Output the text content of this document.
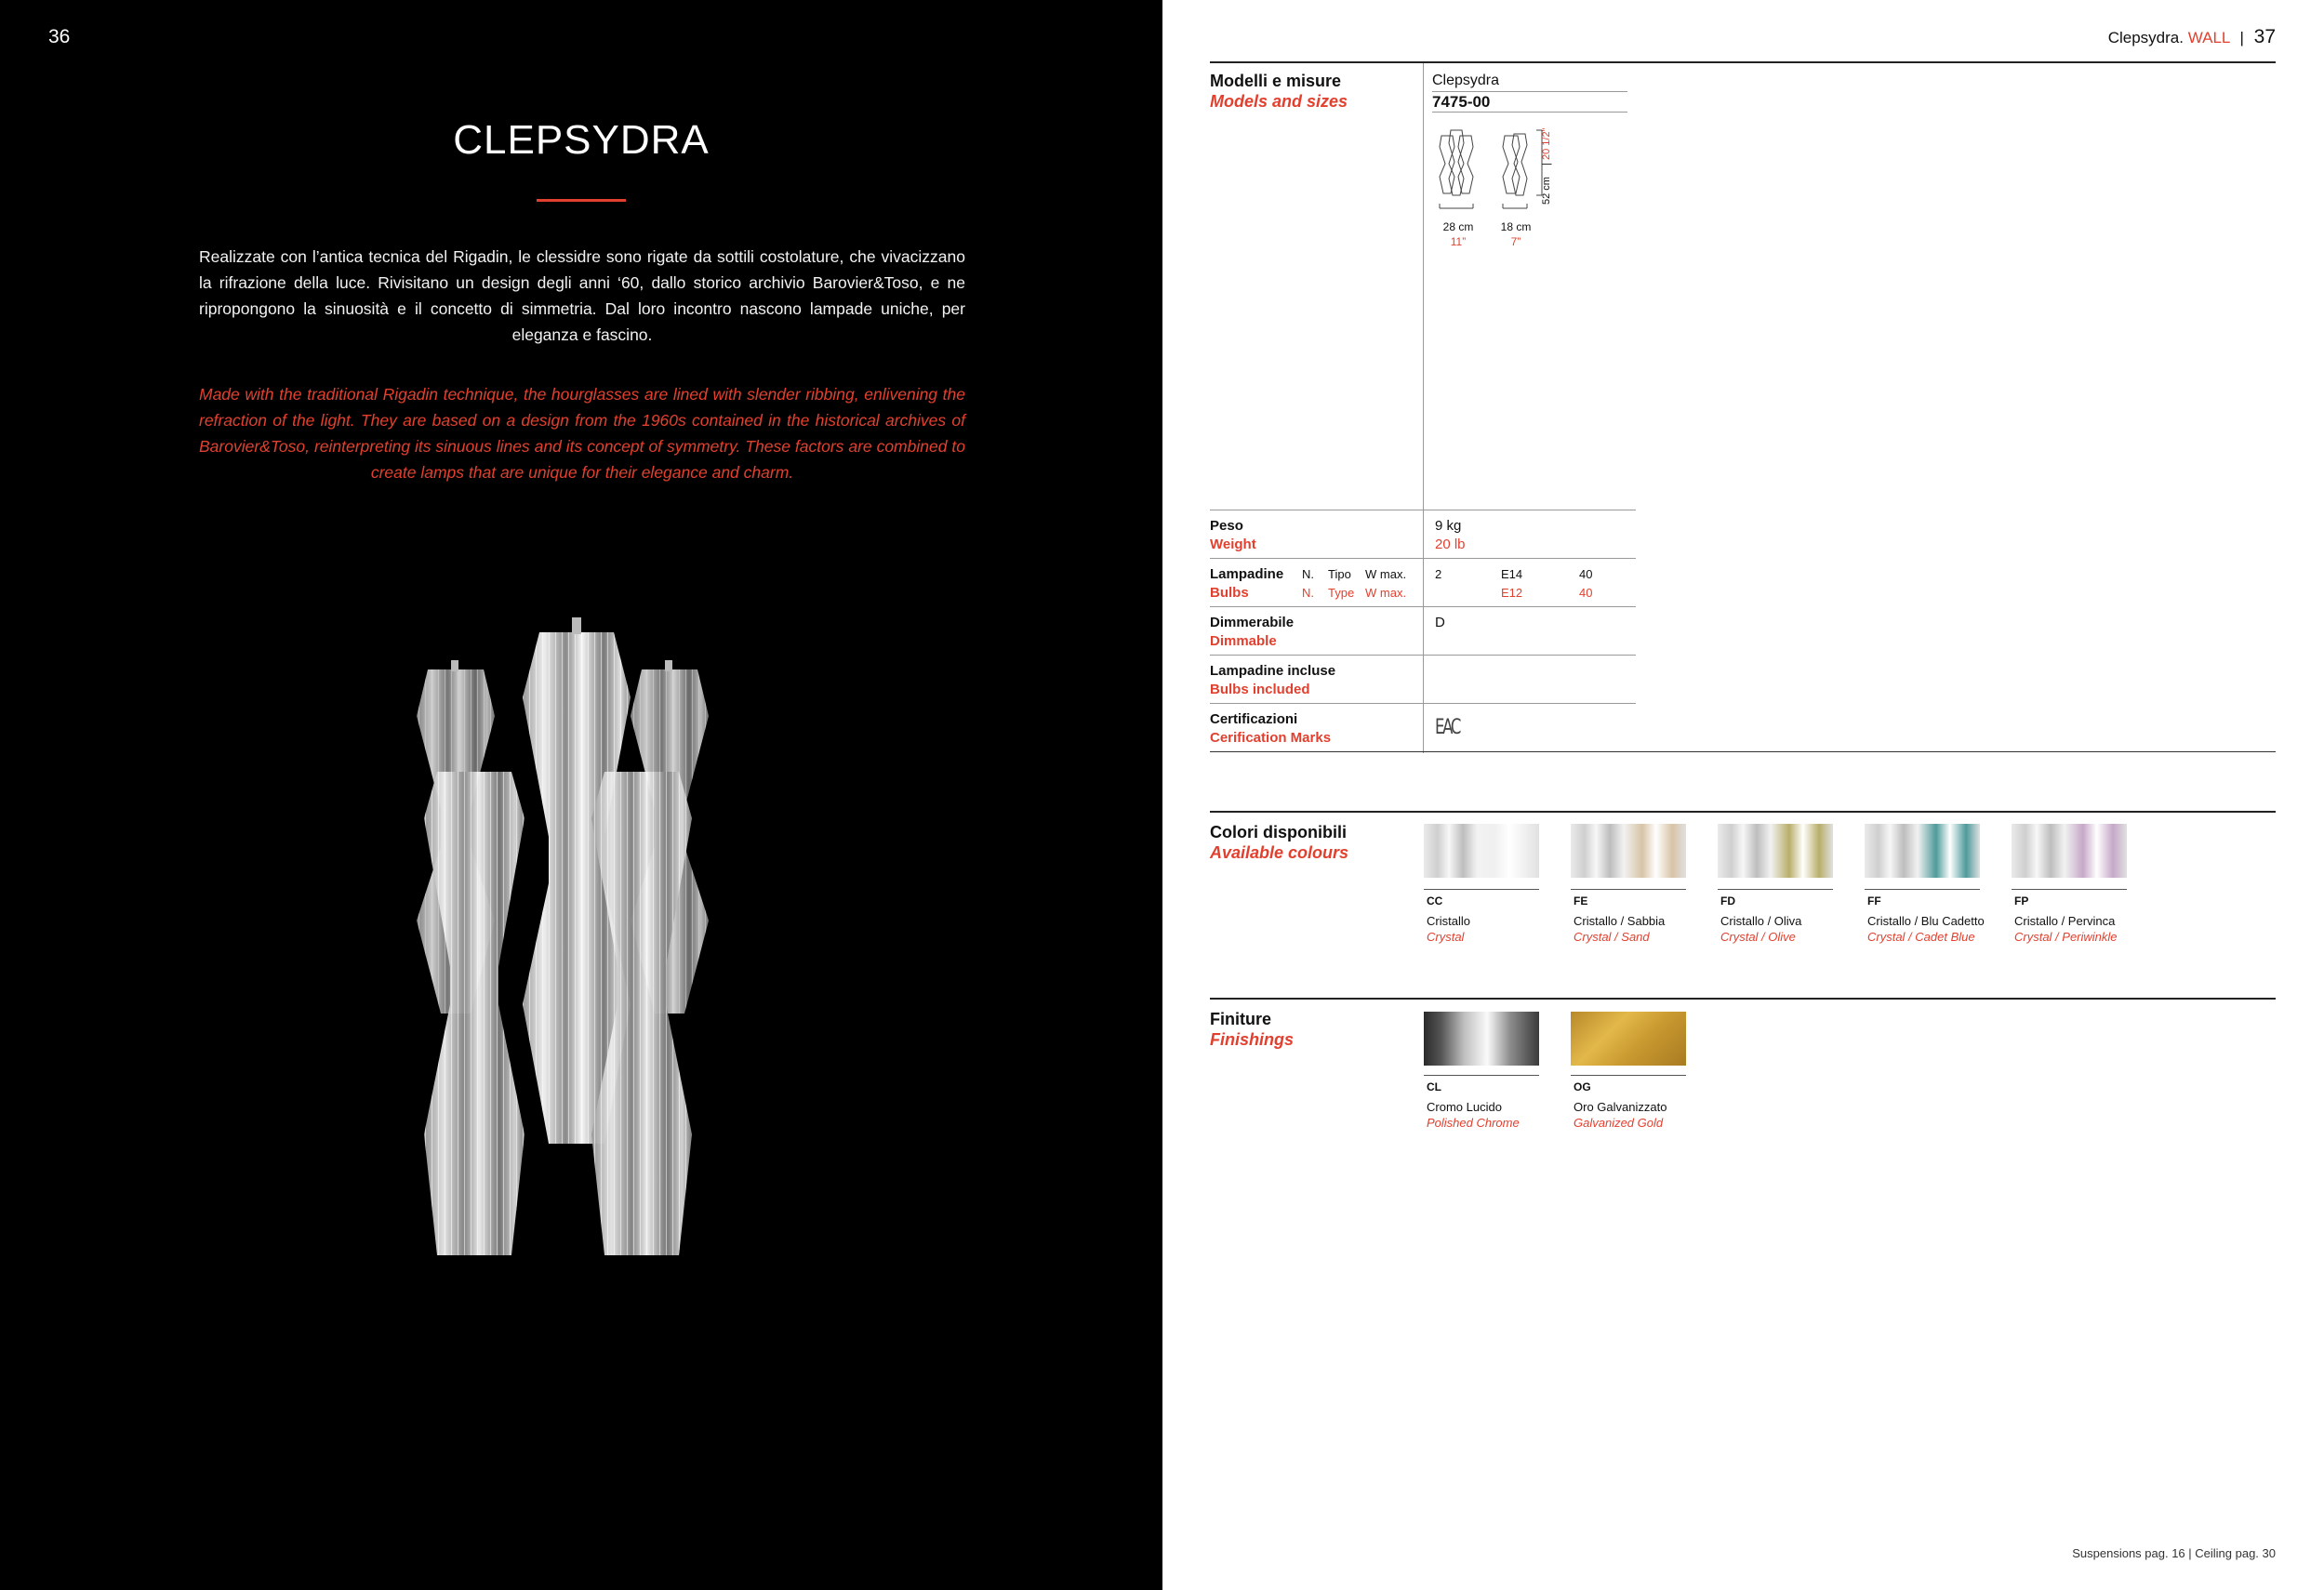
36
CLEPSYDRA

Realizzate con l’antica tecnica del Rigadin, le clessidre sono rigate da sottili costolature, che vivacizzano la rifrazione della luce. Rivisitano un design degli anni ‘60, dallo storico archivio Barovier&Toso, e ne ripropongono la sinuosità e il concetto di simmetria. Dal loro incontro nascono lampade uniche, per eleganza e fascino.

Made with the traditional Rigadin technique, the hourglasses are lined with slender ribbing, enlivening the refraction of the light. They are based on a design from the 1960s contained in the historical archives of Barovier&Toso, reinterpreting its sinuous lines and its concept of symmetry. These factors are combined to create lamps that are unique for their elegance and charm.

Clepsydra. WALL | 37
Modelli e misure
Models and sizes
Clepsydra
7475-00
52 cm
|
20 1/2”
28 cm
11”
18 cm
7”
Peso
Weight
9 kg
20 lb
Lampadine
Bulbs
N.
N.
Tipo
Type
W max.
W max.
2	E14
E12
40
40
Dimmerabile
Dimmable
D
Lampadine incluse
Bulbs included
Certificazioni
Cerification Marks	EAC
Colori disponibili
Available colours
CC
Cristallo
Crystal
FE
Cristallo / Sabbia
Crystal / Sand
FD
Cristallo / Oliva
Crystal / Olive
FF
Cristallo / Blu Cadetto
Crystal / Cadet Blue
FP
Cristallo / Pervinca
Crystal / Periwinkle
Finiture
Finishings
CL
Cromo Lucido
Polished Chrome
OG
Oro Galvanizzato
Galvanized Gold
Suspensions pag. 16 | Ceiling pag. 30
